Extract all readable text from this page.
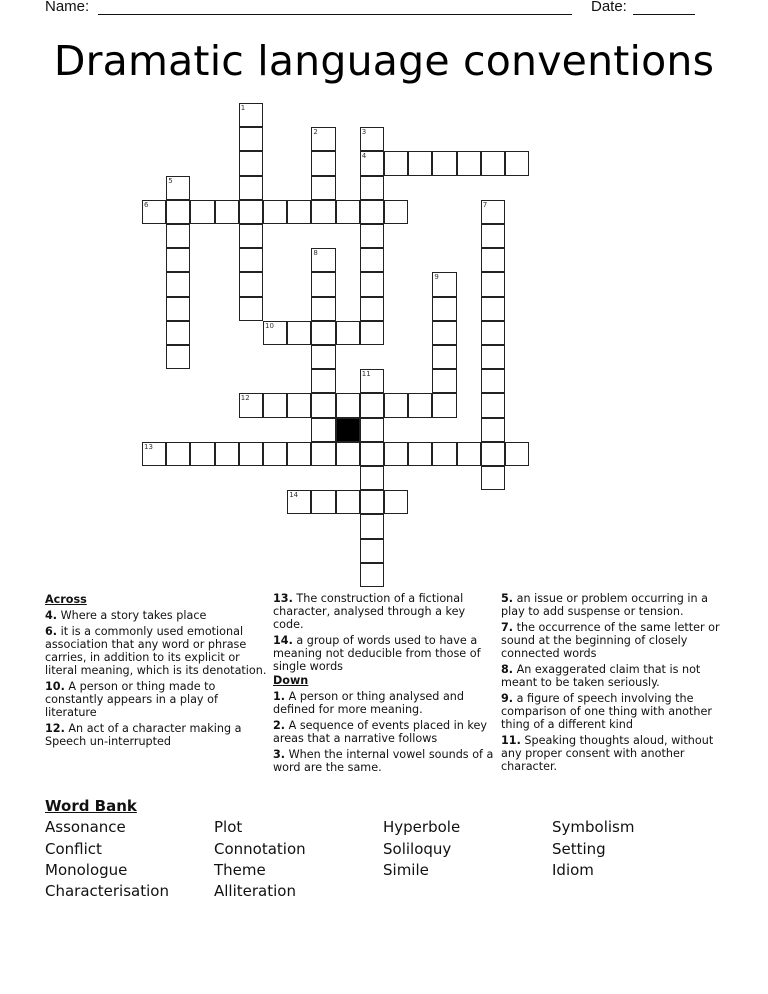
Name:	Date:
Dramatic language conventions
1
2	3
4
5
6	7
8
9
10
11
12
13
14
Across
4. Where a story takes place
6. it is a commonly used emotional association that any word or phrase carries, in addition to its explicit or literal meaning, which is its denotation.
10. A person or thing made to constantly appears in a play of literature
12. An act of a character making a Speech un-interrupted
13. The construction of a fictional character, analysed through a key code.
14. a group of words used to have a meaning not deducible from those of single words
Down
1. A person or thing analysed and defined for more meaning.
2. A sequence of events placed in key areas that a narrative follows
3. When the internal vowel sounds of a word are the same.
5. an issue or problem occurring in a play to add suspense or tension.
7. the occurrence of the same letter or sound at the beginning of closely connected words
8. An exaggerated claim that is not meant to be taken seriously.
9. a figure of speech involving the comparison of one thing with another thing of a different kind
11. Speaking thoughts aloud, without any proper consent with another character.
Word Bank
Assonance
Conflict
Monologue
Characterisation
Plot
Connotation
Theme
Alliteration
Hyperbole
Soliloquy
Simile
Symbolism
Setting
Idiom
